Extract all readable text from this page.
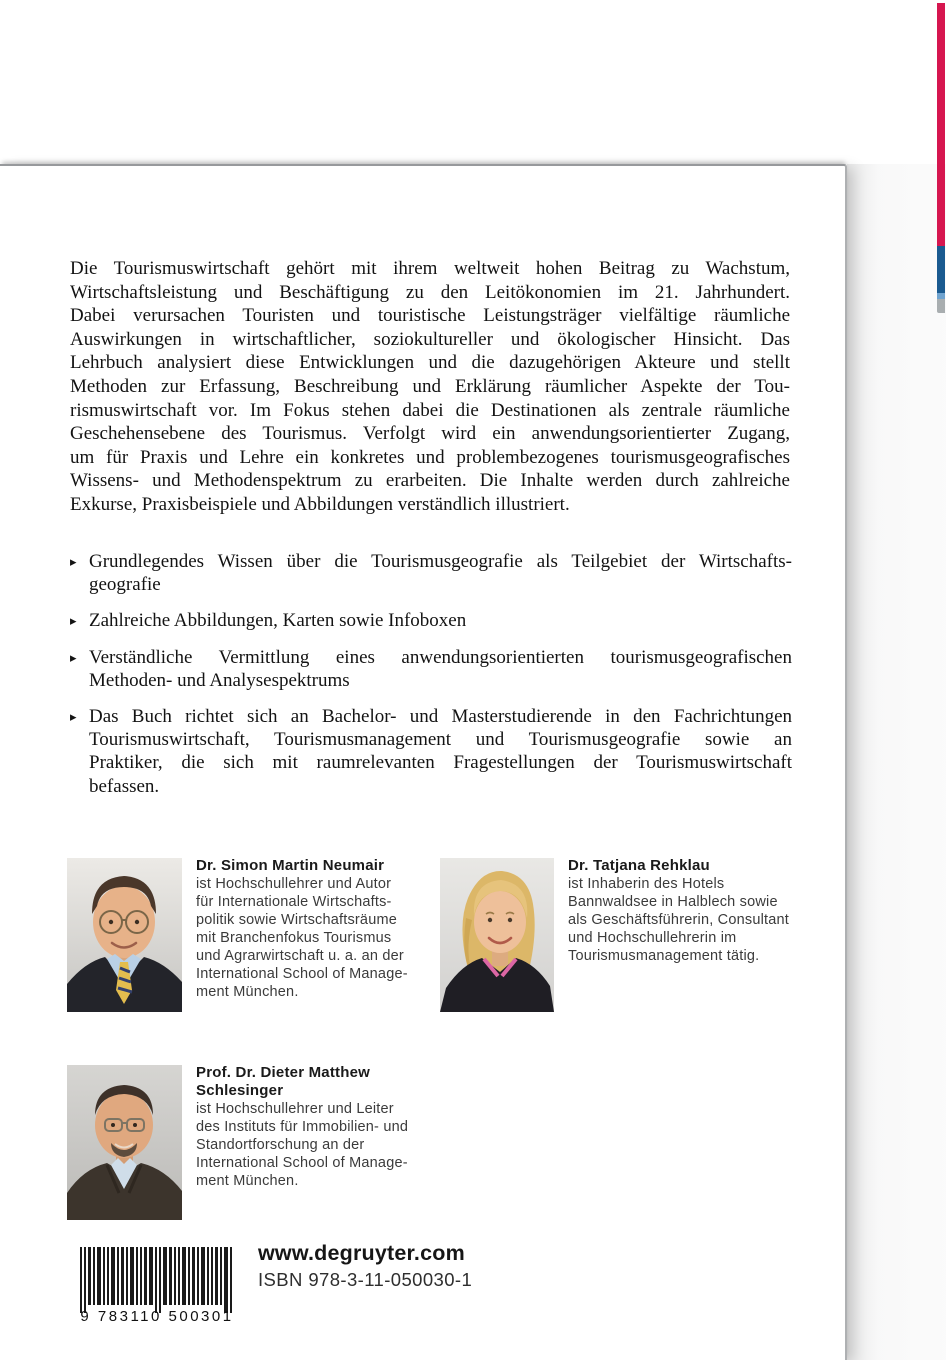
Die Tourismuswirtschaft gehört mit ihrem weltweit hohen Beitrag zu Wachstum,
Wirtschaftsleistung und Beschäftigung zu den Leitökonomien im 21. Jahrhundert.
Dabei verursachen Touristen und touristische Leistungsträger vielfältige räumliche
Auswirkungen in wirtschaftlicher, soziokultureller und ökologischer Hinsicht. Das
Lehrbuch analysiert diese Entwicklungen und die dazugehörigen Akteure und stellt
Methoden zur Erfassung, Beschreibung und Erklärung räumlicher Aspekte der Tou-
rismuswirtschaft vor. Im Fokus stehen dabei die Destinationen als zentrale räumliche
Geschehensebene des Tourismus. Verfolgt wird ein anwendungsorientierter Zugang,
um für Praxis und Lehre ein konkretes und problembezogenes tourismusgeografisches
Wissens- und Methodenspektrum zu erarbeiten. Die Inhalte werden durch zahlreiche
Exkurse, Praxisbeispiele und Abbildungen verständlich illustriert.
▸ Grundlegendes Wissen über die Tourismusgeografie als Teilgebiet der Wirtschafts-
geografie
▸ Zahlreiche Abbildungen, Karten sowie Infoboxen
▸ Verständliche Vermittlung eines anwendungsorientierten tourismusgeografischen
Methoden- und Analysespektrums
▸ Das Buch richtet sich an Bachelor- und Masterstudierende in den Fachrichtungen
Tourismuswirtschaft, Tourismusmanagement und Tourismusgeografie sowie an
Praktiker, die sich mit raumrelevanten Fragestellungen der Tourismuswirtschaft
befassen.
Dr. Simon Martin Neumair
ist Hochschullehrer und Autor
für Internationale Wirtschafts-
politik sowie Wirtschaftsräume
mit Branchenfokus Tourismus
und Agrarwirtschaft u. a. an der
International School of Manage-
ment München.
Dr. Tatjana Rehklau
ist Inhaberin des Hotels
Bannwaldsee in Halblech sowie
als Geschäftsführerin, Consultant
und Hochschullehrerin im
Tourismusmanagement tätig.
Prof. Dr. Dieter Matthew
Schlesinger
ist Hochschullehrer und Leiter
des Instituts für Immobilien- und
Standortforschung an der
International School of Manage-
ment München.
9 783110 500301
www.degruyter.com
ISBN 978-3-11-050030-1
